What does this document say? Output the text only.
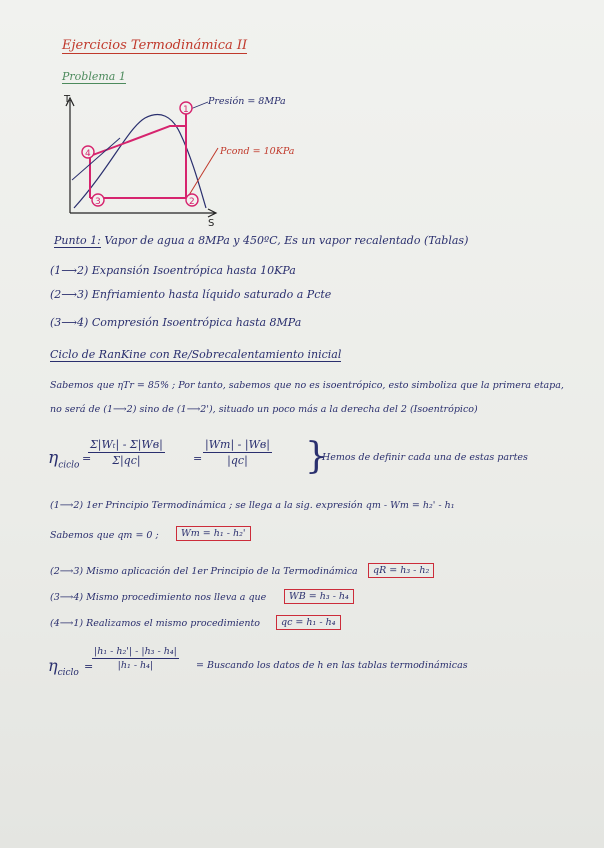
Ejercicios Termodinámica II
Problema 1
T
S
1
2
3
4
Presión = 8MPa
Pcond = 10KPa
Punto 1: Vapor de agua a 8MPa y 450ºC, Es un vapor recalentado (Tablas)
(1⟶2) Expansión Isoentrópica hasta 10KPa
(2⟶3) Enfriamiento hasta líquido saturado a Pcte
(3⟶4) Compresión Isoentrópica hasta 8MPa
Ciclo de RanKine con Re/Sobrecalentamiento inicial
Sabemos que ηTr = 85% ; Por tanto, sabemos que no es isoentrópico, esto simboliza que la primera etapa,
no será de (1⟶2) sino de (1⟶2'), situado un poco más a la derecha del 2 (Isoentrópico)
$\eta_{ciclo}$
=
Σ|Wₜ| - Σ|Wв|
Σ|qc|	=
|Wт| - |Wв|
|qc|	}
Hemos de definir cada una de estas partes
(1⟶2) 1er Principio Termodinámica ; se llega a la sig. expresión qт - Wт = h₂' - h₁
Sabemos que qт = 0 ;	Wт = h₁ - h₂'
(2⟶3) Mismo aplicación del 1er Principio de la Termodinámica	qR = h₃ - h₂
(3⟶4) Mismo procedimiento nos lleva a que	WB = h₃ - h₄
(4⟶1) Realizamos el mismo procedimiento	qc = h₁ - h₄
$\eta_{ciclo}$
=
$\frac{\text{|h₁ - h₂'| - |h₃ - h₄|}}{\text{|h₁ - h₄|}}$ = Buscando los datos de h en las tablas termodinámicas
